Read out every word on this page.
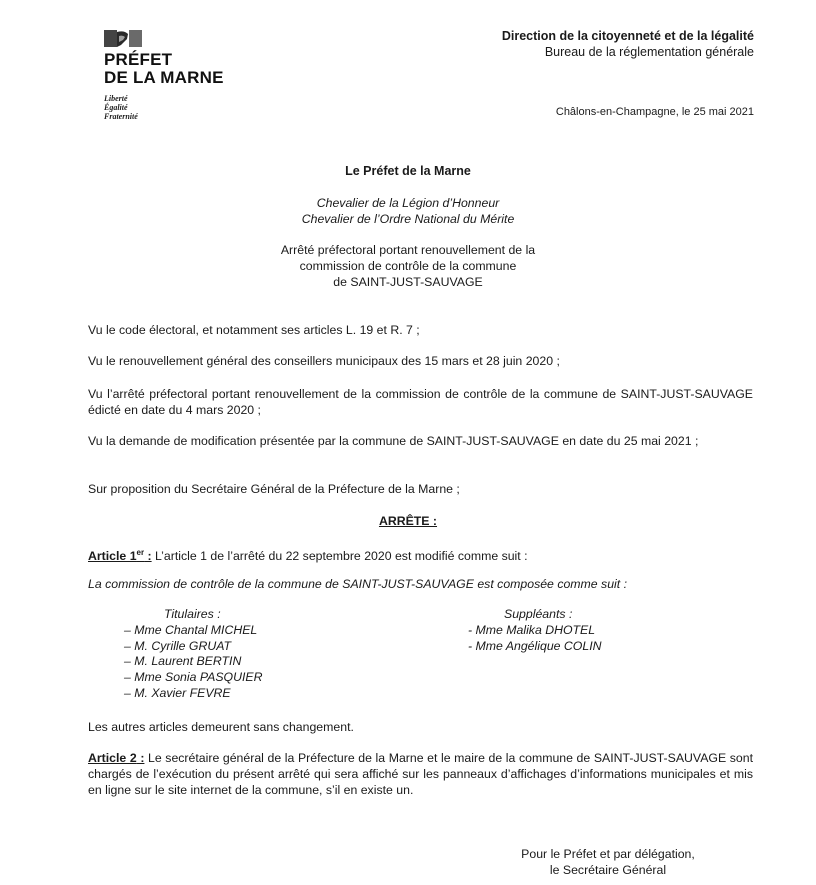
PRÉFET
DE LA MARNE
Liberté
Égalité
Fraternité
Direction de la citoyenneté et de la légalité
Bureau de la réglementation générale
Châlons-en-Champagne, le 25 mai 2021
Le Préfet de la Marne
Chevalier de la Légion d’Honneur
Chevalier de l’Ordre National du Mérite
Arrêté préfectoral portant renouvellement de la
commission de contrôle de la commune
de SAINT-JUST-SAUVAGE
Vu le code électoral, et notamment ses articles L. 19 et R. 7 ;
Vu le renouvellement général des conseillers municipaux des 15 mars et 28 juin 2020 ;
Vu l’arrêté préfectoral portant renouvellement de la commission de contrôle de la commune de SAINT-JUST-SAUVAGE édicté en date du 4 mars 2020 ;
Vu la demande de modification présentée par la commune de SAINT-JUST-SAUVAGE en date du 25 mai 2021 ;
Sur proposition du Secrétaire Général de la Préfecture de la Marne ;
ARRÊTE :
Article 1er : L’article 1 de l’arrêté du 22 septembre 2020 est modifié comme suit :
La commission de contrôle de la commune de SAINT-JUST-SAUVAGE est composée comme suit :
Titulaires :
– Mme Chantal MICHEL
– M. Cyrille GRUAT
– M. Laurent BERTIN
– Mme Sonia PASQUIER
– M. Xavier FEVRE
Suppléants :
- Mme Malika DHOTEL
- Mme Angélique COLIN
Les autres articles demeurent sans changement.
Article 2 : Le secrétaire général de la Préfecture de la Marne et le maire de la commune de SAINT-JUST-SAUVAGE sont chargés de l’exécution du présent arrêté qui sera affiché sur les panneaux d’affichages d’informations municipales et mis en ligne sur le site internet de la commune, s’il en existe un.
Pour le Préfet et par délégation,
le Secrétaire Général
